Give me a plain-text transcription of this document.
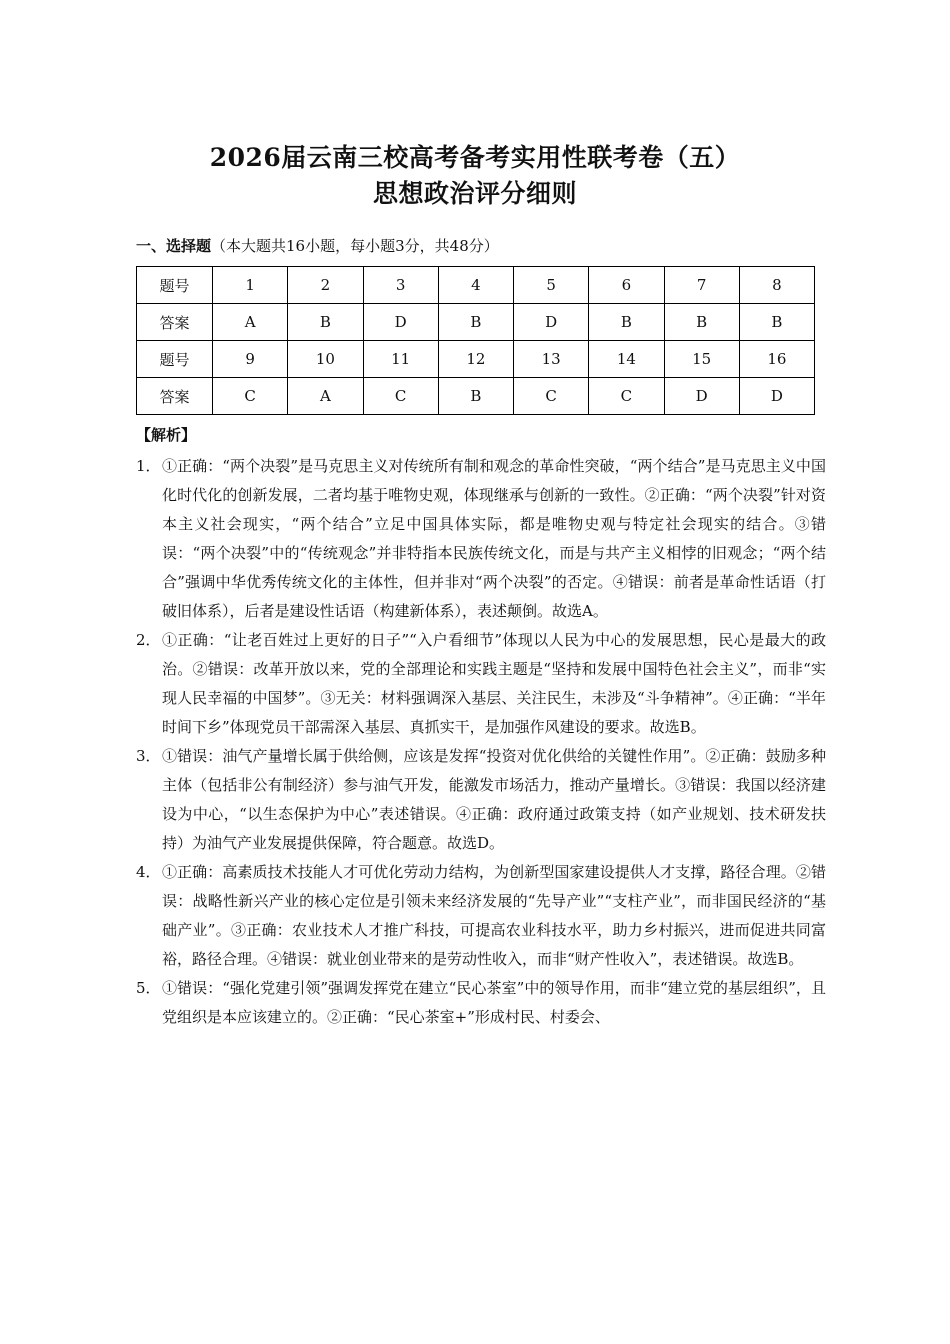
2026届云南三校高考备考实用性联考卷（五）
思想政治评分细则
一、选择题（本大题共16小题，每小题3分，共48分）
题号	1	2	3	4	5	6	7	8
答案	A	B	D	B	D	B	B	B
题号	9	10	11	12	13	14	15	16
答案	C	A	C	B	C	C	D	D
【解析】
1． ①正确：“两个决裂”是马克思主义对传统所有制和观念的革命性突破，“两个结合”是马克思主义中国化时代化的创新发展，二者均基于唯物史观，体现继承与创新的一致性。②正确：“两个决裂”针对资本主义社会现实，“两个结合”立足中国具体实际，都是唯物史观与特定社会现实的结合。③错误：“两个决裂”中的“传统观念”并非特指本民族传统文化，而是与共产主义相悖的旧观念；“两个结合”强调中华优秀传统文化的主体性，但并非对“两个决裂”的否定。④错误：前者是革命性话语（打破旧体系），后者是建设性话语（构建新体系），表述颠倒。故选A。
2． ①正确：“让老百姓过上更好的日子”“入户看细节”体现以人民为中心的发展思想，民心是最大的政治。②错误：改革开放以来，党的全部理论和实践主题是“坚持和发展中国特色社会主义”，而非“实现人民幸福的中国梦”。③无关：材料强调深入基层、关注民生，未涉及“斗争精神”。④正确：“半年时间下乡”体现党员干部需深入基层、真抓实干，是加强作风建设的要求。故选B。
3． ①错误：油气产量增长属于供给侧，应该是发挥“投资对优化供给的关键性作用”。②正确：鼓励多种主体（包括非公有制经济）参与油气开发，能激发市场活力，推动产量增长。③错误：我国以经济建设为中心，“以生态保护为中心”表述错误。④正确：政府通过政策支持（如产业规划、技术研发扶持）为油气产业发展提供保障，符合题意。故选D。
4． ①正确：高素质技术技能人才可优化劳动力结构，为创新型国家建设提供人才支撑，路径合理。②错误：战略性新兴产业的核心定位是引领未来经济发展的“先导产业”“支柱产业”，而非国民经济的“基础产业”。③正确：农业技术人才推广科技，可提高农业科技水平，助力乡村振兴，进而促进共同富裕，路径合理。④错误：就业创业带来的是劳动性收入，而非“财产性收入”，表述错误。故选B。
5． ①错误：“强化党建引领”强调发挥党在建立“民心茶室”中的领导作用，而非“建立党的基层组织”，且党组织是本应该建立的。②正确：“民心茶室+”形成村民、村委会、
